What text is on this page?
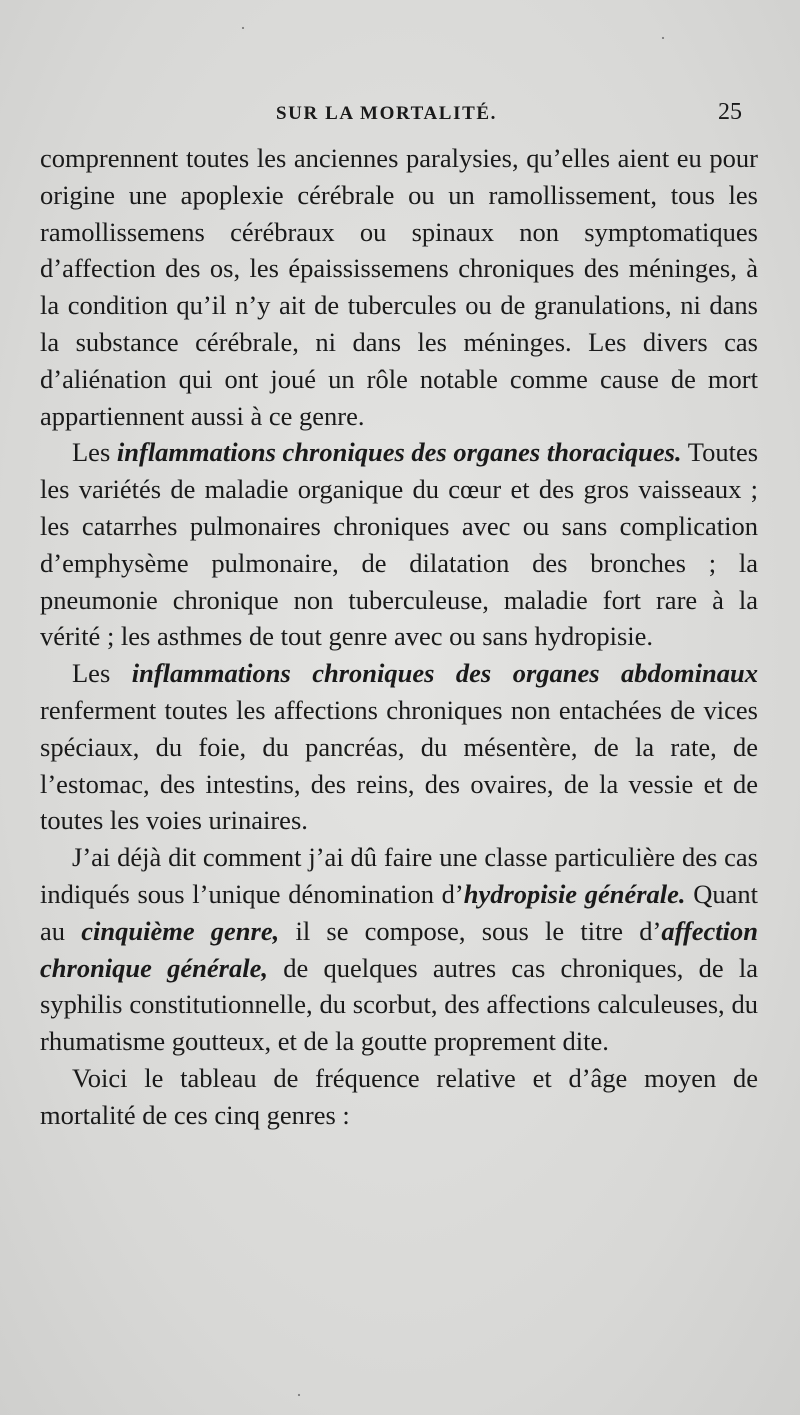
SUR LA MORTALITÉ.	25

comprennent toutes les anciennes paralysies, qu’elles aient eu pour origine une apoplexie cérébrale ou un ramollissement, tous les ramollissemens cérébraux ou spinaux non symptomatiques d’affection des os, les épaississemens chroniques des méninges, à la condition qu’il n’y ait de tubercules ou de granulations, ni dans la substance cérébrale, ni dans les méninges. Les divers cas d’aliénation qui ont joué un rôle notable comme cause de mort appartiennent aussi à ce genre.

Les inflammations chroniques des organes thoraciques. Toutes les variétés de maladie organique du cœur et des gros vaisseaux ; les catarrhes pulmonaires chroniques avec ou sans complication d’emphysème pulmonaire, de dilatation des bronches ; la pneumonie chronique non tuberculeuse, maladie fort rare à la vérité ; les asthmes de tout genre avec ou sans hydropisie.

Les inflammations chroniques des organes abdominaux renferment toutes les affections chroniques non entachées de vices spéciaux, du foie, du pancréas, du mésentère, de la rate, de l’estomac, des intestins, des reins, des ovaires, de la vessie et de toutes les voies urinaires.

J’ai déjà dit comment j’ai dû faire une classe particulière des cas indiqués sous l’unique dénomination d’hydropisie générale. Quant au cinquième genre, il se compose, sous le titre d’affection chronique générale, de quelques autres cas chroniques, de la syphilis constitutionnelle, du scorbut, des affections calculeuses, du rhumatisme goutteux, et de la goutte proprement dite.

Voici le tableau de fréquence relative et d’âge moyen de mortalité de ces cinq genres :

·	·
·
